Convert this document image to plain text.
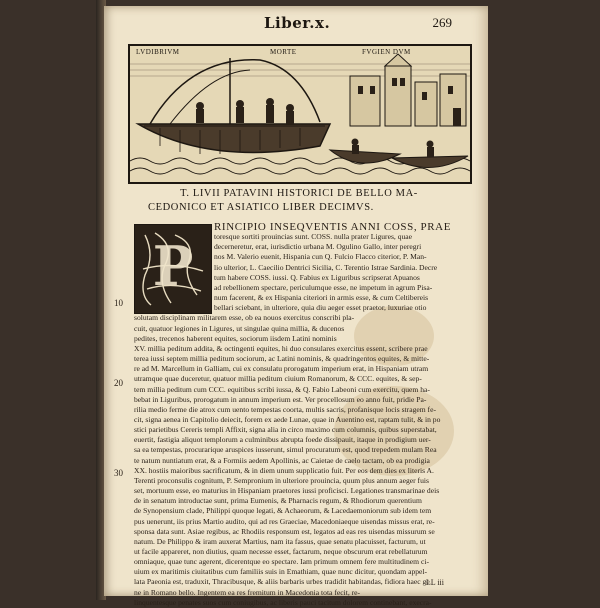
Liber.x.	269
LVDIBRIVM	MORTE	FVGIEN DVM
T. LIVII PATAVINI HISTORICI DE BELLO MA-
CEDONICO ET ASIATICO LIBER DECIMVS.
P
RINCIPIO INSEQVENTIS ANNI COSS, PRAE
toresque sortiti prouincias sunt. COSS. nulla prater Ligures, quae
decerneretur, erat, iurisdictio urbana M. Ogulino Gallo, inter peregri
nos M. Valerio euenit, Hispania cun Q. Fulcio Flacco citerior, P. Man-
lio ulterior, L. Caecilio Dentrici Sicilia, C. Terentio Istrae Sardinia. Decre
tum habere COSS. iussi. Q. Fabius ex Liguribus scripserat Apuanos
ad rebellionem spectare, periculumque esse, ne impetum in agrum Pisa-
num facerent, & ex Hispania citeriori in armis esse, & cum Celtibereis
bellari sciebant, in ulteriore, quia diu aeger esset praetor, luxuriae otio
solutam disciplinam militarem esse, ob ea nouos exercitus conscribi pla-
cuit, quatuor legiones in Ligures, ut singulae quina millia, & ducenos
pedites, trecenos haberent equites, sociorum iisdem Latini nominis
XV. millia peditum addita, & octingenti equites, hi duo consulares exercitus essent, scribere prae
terea iussi septem millia peditum sociorum, ac Latini nominis, & quadringentos equites, & mitte-
re ad M. Marcellum in Galliam, cui ex consulatu prorogatum imperium erat, in Hispaniam utram
utramque quae duceretur, quatuor millia peditum ciuium Romanorum, & CCC. equites, & sep-
tem millia peditum cum CCC. equitibus scribi iussa, & Q. Fabio Labeoni cum exercitu, quem ha-
bebat in Liguribus, prorogatum in annum imperium est. Ver procellosum eo anno fuit, pridie Pa-
rilia medio ferme die atrox cum uento tempestas coorta, multis sacris, profanisque locis stragem fe-
cit, signa aenea in Capitolio deiecit, forem ex aede Lunae, quae in Auentino est, raptam tulit, & in po
stici parietibus Cereris templi Affixit, signa alia in circo maximo cum columnis, quibus superstabat,
euertit, fastigia aliquot templorum a culminibus abrupta foede dissipauit, itaque in prodigium uer-
sa ea tempestas, procurarique aruspices iusserunt, simul procuratum est, quod trepedem mulam Rea
te natum nuntiatum erat, & a Formiis aedem Apollinis, ac Caietae de caelo tactam, ob ea prodigia
XX. hostiis maioribus sacrificatum, & in diem unum supplicatio fuit. Per eos dem dies ex literis A.
Terenti proconsulis cognitum, P. Sempronium in ulteriore prouincia, quum plus annum aeger fuis
set, mortuum esse, eo maturius in Hispaniam praetores iussi proficisci. Legationes transmarinae deis
de in senatum introductae sunt, prima Eumenis, & Pharnacis regum, & Rhodiorum querentium
de Synopensium clade, Philippi quoque legati, & Achaeorum, & Lacedaemoniorum sub idem tem
pus uenerunt, iis prius Martio audito, qui ad res Graeciae, Macedoniaeque uisendas missus erat, re-
sponsa data sunt. Asiae regibus, ac Rhodiis responsum est, legatos ad eas res uisendas missurum se
natum. De Philippo & iram auxerat Martius, nam ita fassus, quae senatu placuisset, facturum, ut
ut facile appareret, non diutius, quam necesse esset, factarum, neque obscurum erat rebellaturum
omniaque, quae tunc agerent, dicerentque eo spectare. Iam primum omnem fere multitudinem ci-
uium ex maritimis ciuitatibus cum familiis suis in Emathiam, quae nunc dicitur, quondam appel-
lata Paeonia est, traduxit, Thracibusque, & aliis barbaris urbes tradidit habitandas, fidiora haec ge
ne in Romano bello. Ingentem ea res fremitum in Macedonia tota fecit, re-
linquentesque penates suos cum coniugibus, ac liberis pauci tacitum dolorem continebant, execra-
10
20
30
LL iii
